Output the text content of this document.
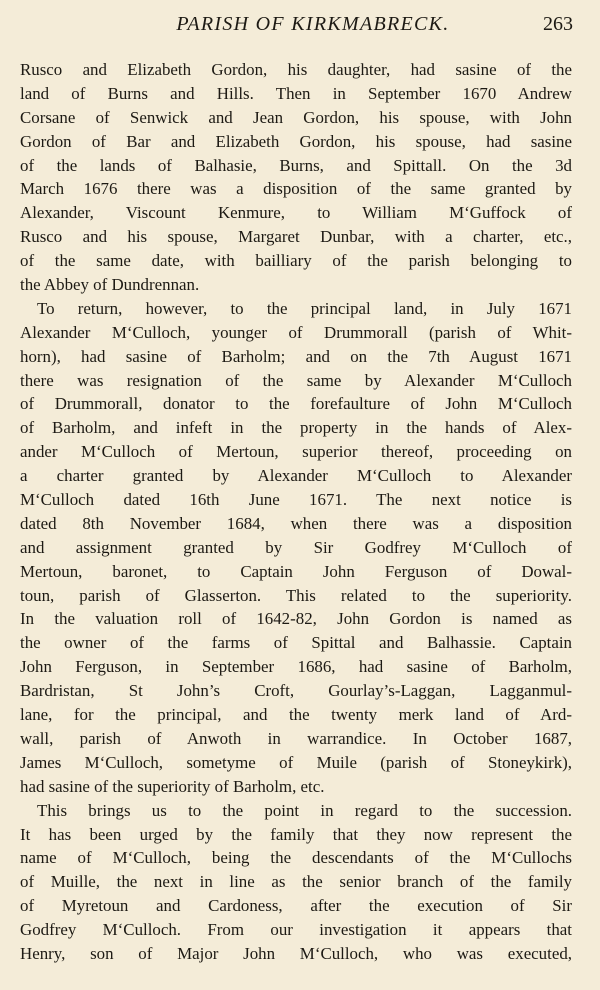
PARISH OF KIRKMABRECK.	263
Rusco and Elizabeth Gordon, his daughter, had sasine of the
land of Burns and Hills. Then in September 1670 Andrew
Corsane of Senwick and Jean Gordon, his spouse, with John
Gordon of Bar and Elizabeth Gordon, his spouse, had sasine
of the lands of Balhasie, Burns, and Spittall. On the 3d
March 1676 there was a disposition of the same granted by
Alexander, Viscount Kenmure, to William M‘Guffock of
Rusco and his spouse, Margaret Dunbar, with a charter, etc.,
of the same date, with bailliary of the parish belonging to
the Abbey of Dundrennan.
To return, however, to the principal land, in July 1671
Alexander M‘Culloch, younger of Drummorall (parish of Whit-
horn), had sasine of Barholm; and on the 7th August 1671
there was resignation of the same by Alexander M‘Culloch
of Drummorall, donator to the forefaulture of John M‘Culloch
of Barholm, and infeft in the property in the hands of Alex-
ander M‘Culloch of Mertoun, superior thereof, proceeding on
a charter granted by Alexander M‘Culloch to Alexander
M‘Culloch dated 16th June 1671. The next notice is
dated 8th November 1684, when there was a disposition
and assignment granted by Sir Godfrey M‘Culloch of
Mertoun, baronet, to Captain John Ferguson of Dowal-
toun, parish of Glasserton. This related to the superiority.
In the valuation roll of 1642-82, John Gordon is named as
the owner of the farms of Spittal and Balhassie. Captain
John Ferguson, in September 1686, had sasine of Barholm,
Bardristan, St John’s Croft, Gourlay’s-Laggan, Lagganmul-
lane, for the principal, and the twenty merk land of Ard-
wall, parish of Anwoth in warrandice. In October 1687,
James M‘Culloch, sometyme of Muile (parish of Stoneykirk),
had sasine of the superiority of Barholm, etc.
This brings us to the point in regard to the succession.
It has been urged by the family that they now represent the
name of M‘Culloch, being the descendants of the M‘Cullochs
of Muille, the next in line as the senior branch of the family
of Myretoun and Cardoness, after the execution of Sir
Godfrey M‘Culloch. From our investigation it appears that
Henry, son of Major John M‘Culloch, who was executed,
